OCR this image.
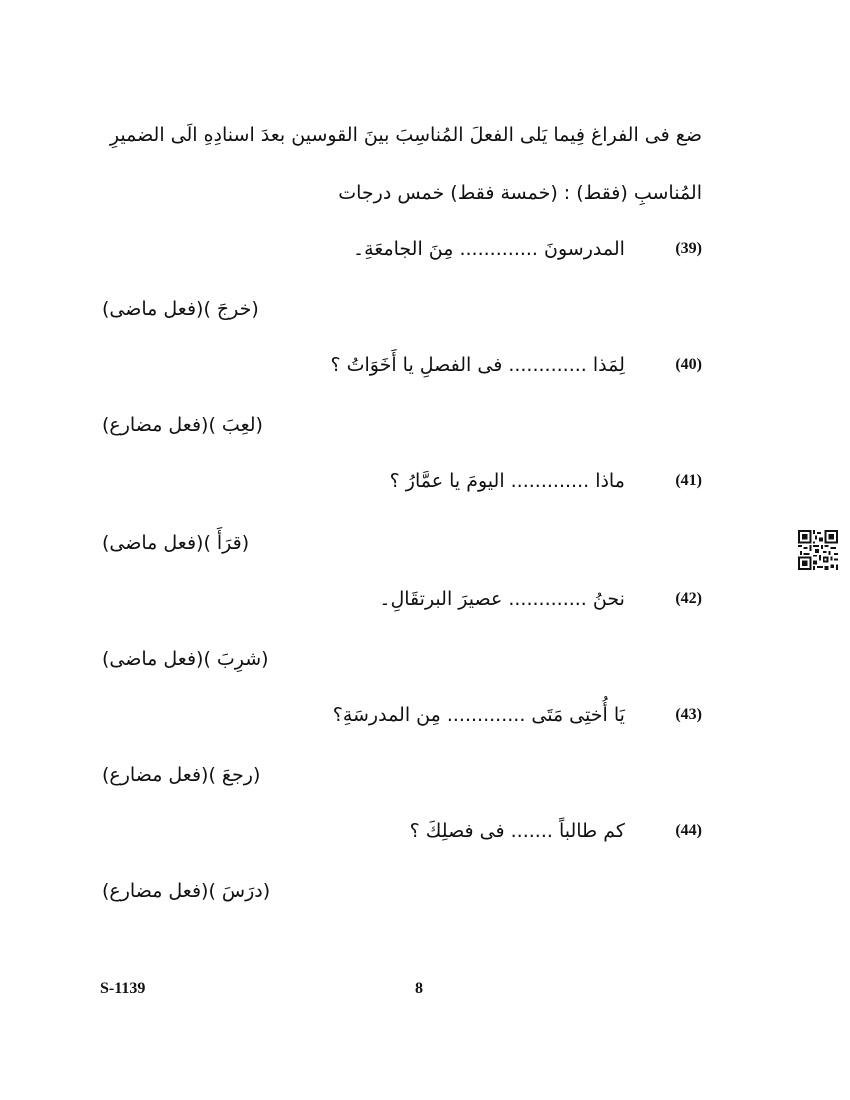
ضع فى الفراغ فِيما يَلى الفعلَ المُناسِبَ بينَ القوسين بعدَ اسنادِهِ الَى الضميرِ
المُناسبِ (فقط) : (خمسة فقط) خمس درجات
(39) المدرسونَ ............. مِنَ الجامعَةِ۔
(خرجَ )(فعل ماضى)
(40) لِمَذا ............. فى الفصلِ يا أَخَوَاتُ ؟
(لعِبَ )(فعل مضارع)
(41) ماذا ............. اليومَ يا عمَّارُ ؟
(قرَأَ )(فعل ماضى)
(42) نحنُ ............. عصيرَ البرتقَالِ۔
(شرِبَ )(فعل ماضى)
(43) يَا أُختِى مَتَى ............. مِن المدرسَةِ؟
(رجعَ )(فعل مضارع)
(44) كم طالباً ....... فى فصلِكَ ؟
(درَسَ )(فعل مضارع)
S-1139	8
